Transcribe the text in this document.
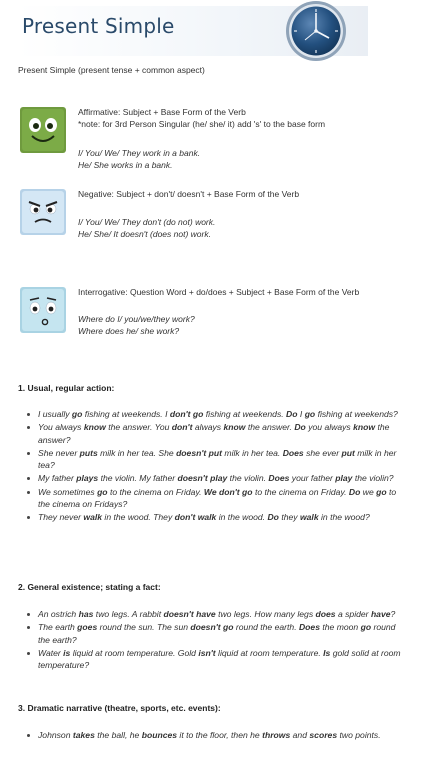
Present Simple
Present Simple (present tense + common aspect)
Affirmative: Subject + Base Form of the Verb
*note: for 3rd Person Singular (he/ she/ it) add 's' to the base form
I/ You/ We/ They work in a bank.
He/ She works in a bank.
Negative: Subject + don't/ doesn't + Base Form of the Verb
I/ You/ We/ They don't (do not) work.
He/ She/ It doesn't (does not) work.
Interrogative: Question Word + do/does + Subject + Base Form of the Verb
Where do I/ you/we/they work?
Where does he/ she work?
1. Usual, regular action:
I usually go fishing at weekends. I don't go fishing at weekends. Do I go fishing at weekends?
You always know the answer. You don't always know the answer. Do you always know the answer?
She never puts milk in her tea. She doesn't put milk in her tea. Does she ever put milk in her tea?
My father plays the violin. My father doesn't play the violin. Does your father play the violin?
We sometimes go to the cinema on Friday. We don't go to the cinema on Friday. Do we go to the cinema on Fridays?
They never walk in the wood. They don't walk in the wood. Do they walk in the wood?
2. General existence; stating a fact:
An ostrich has two legs. A rabbit doesn't have two legs. How many legs does a spider have?
The earth goes round the sun. The sun doesn't go round the earth. Does the moon go round the earth?
Water is liquid at room temperature. Gold isn't liquid at room temperature. Is gold solid at room temperature?
3. Dramatic narrative (theatre, sports, etc. events):
Johnson takes the ball, he bounces it to the floor, then he throws and scores two points.
